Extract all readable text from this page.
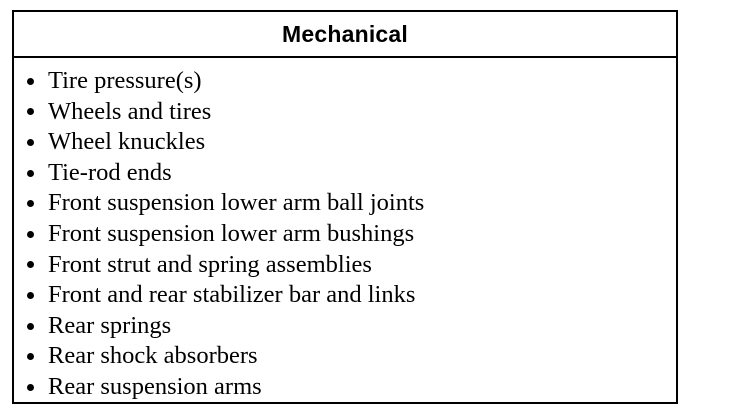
Mechanical
Tire pressure(s)
Wheels and tires
Wheel knuckles
Tie-rod ends
Front suspension lower arm ball joints
Front suspension lower arm bushings
Front strut and spring assemblies
Front and rear stabilizer bar and links
Rear springs
Rear shock absorbers
Rear suspension arms
